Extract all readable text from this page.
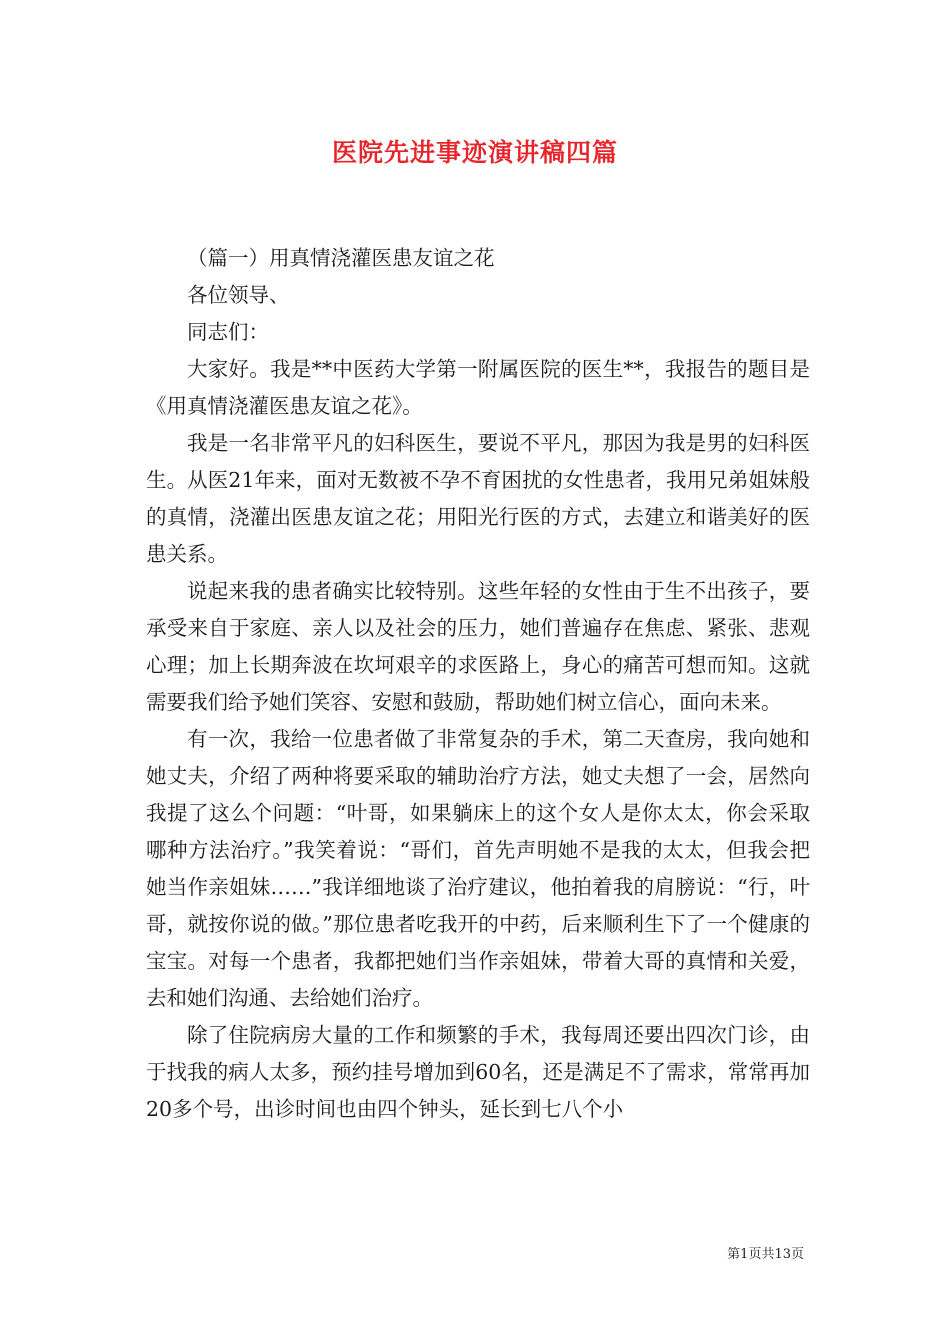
医院先进事迹演讲稿四篇

（篇一）用真情浇灌医患友谊之花

各位领导、

同志们：

大家好。我是**中医药大学第一附属医院的医生**，我报告的题目是《用真情浇灌医患友谊之花》。

我是一名非常平凡的妇科医生，要说不平凡，那因为我是男的妇科医生。从医21年来，面对无数被不孕不育困扰的女性患者，我用兄弟姐妹般的真情，浇灌出医患友谊之花；用阳光行医的方式，去建立和谐美好的医患关系。

说起来我的患者确实比较特别。这些年轻的女性由于生不出孩子，要承受来自于家庭、亲人以及社会的压力，她们普遍存在焦虑、紧张、悲观心理；加上长期奔波在坎坷艰辛的求医路上，身心的痛苦可想而知。这就需要我们给予她们笑容、安慰和鼓励，帮助她们树立信心，面向未来。

有一次，我给一位患者做了非常复杂的手术，第二天查房，我向她和她丈夫，介绍了两种将要采取的辅助治疗方法，她丈夫想了一会，居然向我提了这么个问题：“叶哥，如果躺床上的这个女人是你太太，你会采取哪种方法治疗。”我笑着说：“哥们，首先声明她不是我的太太，但我会把她当作亲姐妹……”我详细地谈了治疗建议，他拍着我的肩膀说：“行，叶哥，就按你说的做。”那位患者吃我开的中药，后来顺利生下了一个健康的宝宝。对每一个患者，我都把她们当作亲姐妹，带着大哥的真情和关爱，去和她们沟通、去给她们治疗。

除了住院病房大量的工作和频繁的手术，我每周还要出四次门诊，由于找我的病人太多，预约挂号增加到60名，还是满足不了需求，常常再加20多个号，出诊时间也由四个钟头，延长到七八个小

第1页共13页
